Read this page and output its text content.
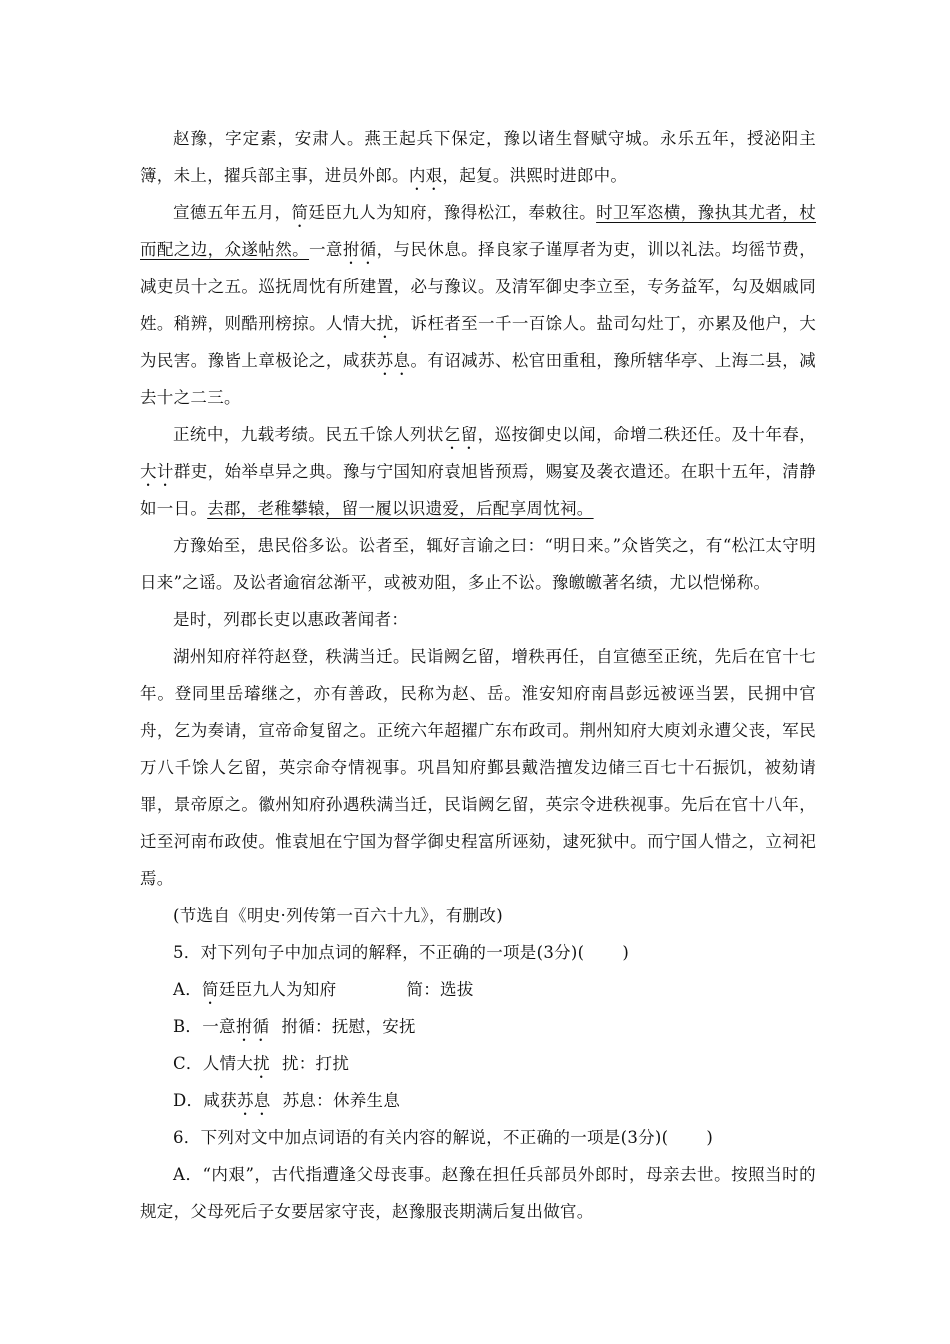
赵豫，字定素，安肃人。燕王起兵下保定，豫以诸生督赋守城。永乐五年，授泌阳主簿，未上，擢兵部主事，进员外郎。内艰，起复。洪熙时进郎中。

宣德五年五月，简廷臣九人为知府，豫得松江，奉敕往。时卫军恣横，豫执其尤者，杖而配之边，众遂帖然。一意拊循，与民休息。择良家子谨厚者为吏，训以礼法。均徭节费，减吏员十之五。巡抚周忱有所建置，必与豫议。及清军御史李立至，专务益军，勾及姻戚同姓。稍辨，则酷刑榜掠。人情大扰，诉枉者至一千一百馀人。盐司勾灶丁，亦累及他户，大为民害。豫皆上章极论之，咸获苏息。有诏减苏、松官田重租，豫所辖华亭、上海二县，减去十之二三。

正统中，九载考绩。民五千馀人列状乞留，巡按御史以闻，命增二秩还任。及十年春，大计群吏，始举卓异之典。豫与宁国知府袁旭皆预焉，赐宴及袭衣遣还。在职十五年，清静如一日。去郡，老稚攀辕，留一履以识遗爱，后配享周忱祠。

方豫始至，患民俗多讼。讼者至，辄好言谕之曰：“明日来。”众皆笑之，有“松江太守明日来”之谣。及讼者逾宿忿渐平，或被劝阻，多止不讼。豫皦皦著名绩，尤以恺悌称。

是时，列郡长吏以惠政著闻者：

湖州知府祥符赵登，秩满当迁。民诣阙乞留，增秩再任，自宣德至正统，先后在官十七年。登同里岳璿继之，亦有善政，民称为赵、岳。淮安知府南昌彭远被诬当罢，民拥中官舟，乞为奏请，宣帝命复留之。正统六年超擢广东布政司。荆州知府大庾刘永遭父丧，军民万八千馀人乞留，英宗命夺情视事。巩昌知府鄞县戴浩擅发边储三百七十石振饥，被劾请罪，景帝原之。徽州知府孙遇秩满当迁，民诣阙乞留，英宗令进秩视事。先后在官十八年，迁至河南布政使。惟袁旭在宁国为督学御史程富所诬劾，逮死狱中。而宁国人惜之，立祠祀焉。

(节选自《明史·列传第一百六十九》，有删改)

5．对下列句子中加点词的解释，不正确的一项是(3分)( )

A．简廷臣九人为知府	简：选拔

B．一意拊循 拊循：抚慰，安抚

C．人情大扰 扰：打扰

D．咸获苏息 苏息：休养生息

6．下列对文中加点词语的有关内容的解说，不正确的一项是(3分)( )

A．“内艰”，古代指遭逢父母丧事。赵豫在担任兵部员外郎时，母亲去世。按照当时的规定，父母死后子女要居家守丧，赵豫服丧期满后复出做官。
